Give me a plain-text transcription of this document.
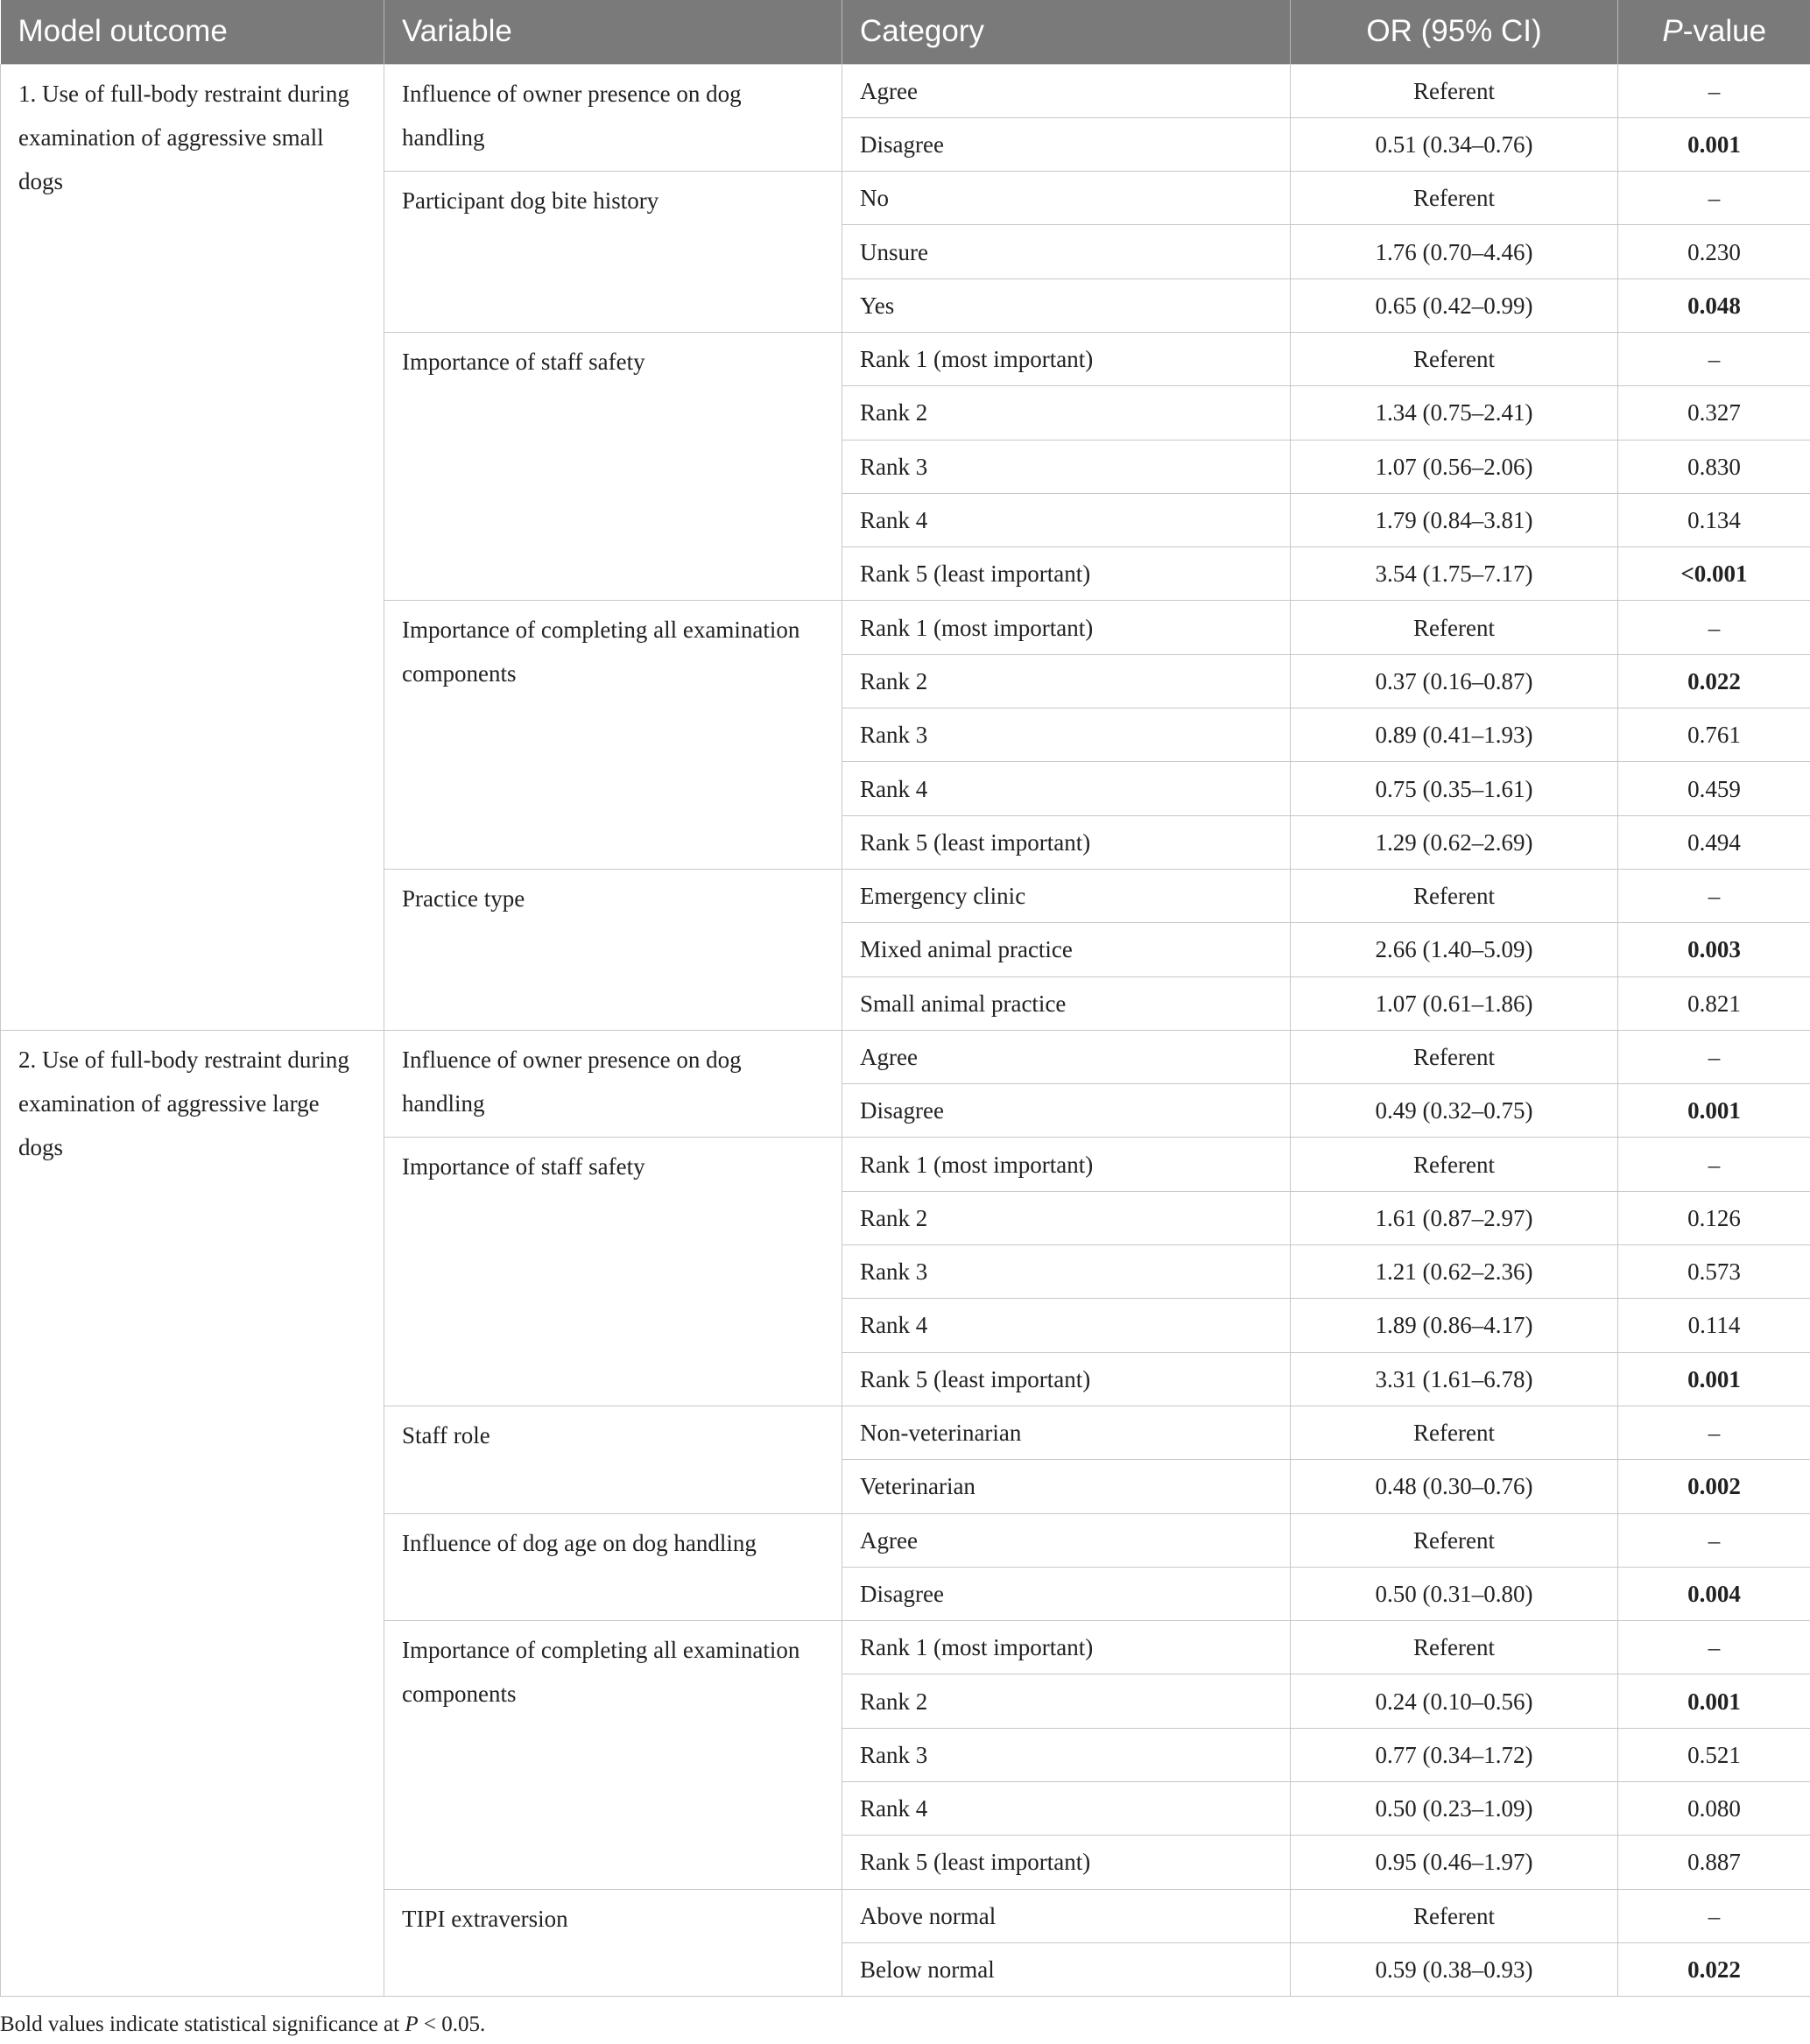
Model outcome	Variable	Category	OR (95% CI)	P-value
1. Use of full-body restraint during examination of aggressive small dogs	Influence of owner presence on dog handling	Agree	Referent	–
		Disagree	0.51 (0.34–0.76)	0.001
	Participant dog bite history	No	Referent	–
		Unsure	1.76 (0.70–4.46)	0.230
		Yes	0.65 (0.42–0.99)	0.048
	Importance of staff safety	Rank 1 (most important)	Referent	–
		Rank 2	1.34 (0.75–2.41)	0.327
		Rank 3	1.07 (0.56–2.06)	0.830
		Rank 4	1.79 (0.84–3.81)	0.134
		Rank 5 (least important)	3.54 (1.75–7.17)	<0.001
	Importance of completing all examination components	Rank 1 (most important)	Referent	–
		Rank 2	0.37 (0.16–0.87)	0.022
		Rank 3	0.89 (0.41–1.93)	0.761
		Rank 4	0.75 (0.35–1.61)	0.459
		Rank 5 (least important)	1.29 (0.62–2.69)	0.494
	Practice type	Emergency clinic	Referent	–
		Mixed animal practice	2.66 (1.40–5.09)	0.003
		Small animal practice	1.07 (0.61–1.86)	0.821
2. Use of full-body restraint during examination of aggressive large dogs	Influence of owner presence on dog handling	Agree	Referent	–
		Disagree	0.49 (0.32–0.75)	0.001
	Importance of staff safety	Rank 1 (most important)	Referent	–
		Rank 2	1.61 (0.87–2.97)	0.126
		Rank 3	1.21 (0.62–2.36)	0.573
		Rank 4	1.89 (0.86–4.17)	0.114
		Rank 5 (least important)	3.31 (1.61–6.78)	0.001
	Staff role	Non-veterinarian	Referent	–
		Veterinarian	0.48 (0.30–0.76)	0.002
	Influence of dog age on dog handling	Agree	Referent	–
		Disagree	0.50 (0.31–0.80)	0.004
	Importance of completing all examination components	Rank 1 (most important)	Referent	–
		Rank 2	0.24 (0.10–0.56)	0.001
		Rank 3	0.77 (0.34–1.72)	0.521
		Rank 4	0.50 (0.23–1.09)	0.080
		Rank 5 (least important)	0.95 (0.46–1.97)	0.887
	TIPI extraversion	Above normal	Referent	–
		Below normal	0.59 (0.38–0.93)	0.022
Bold values indicate statistical significance at P < 0.05.
